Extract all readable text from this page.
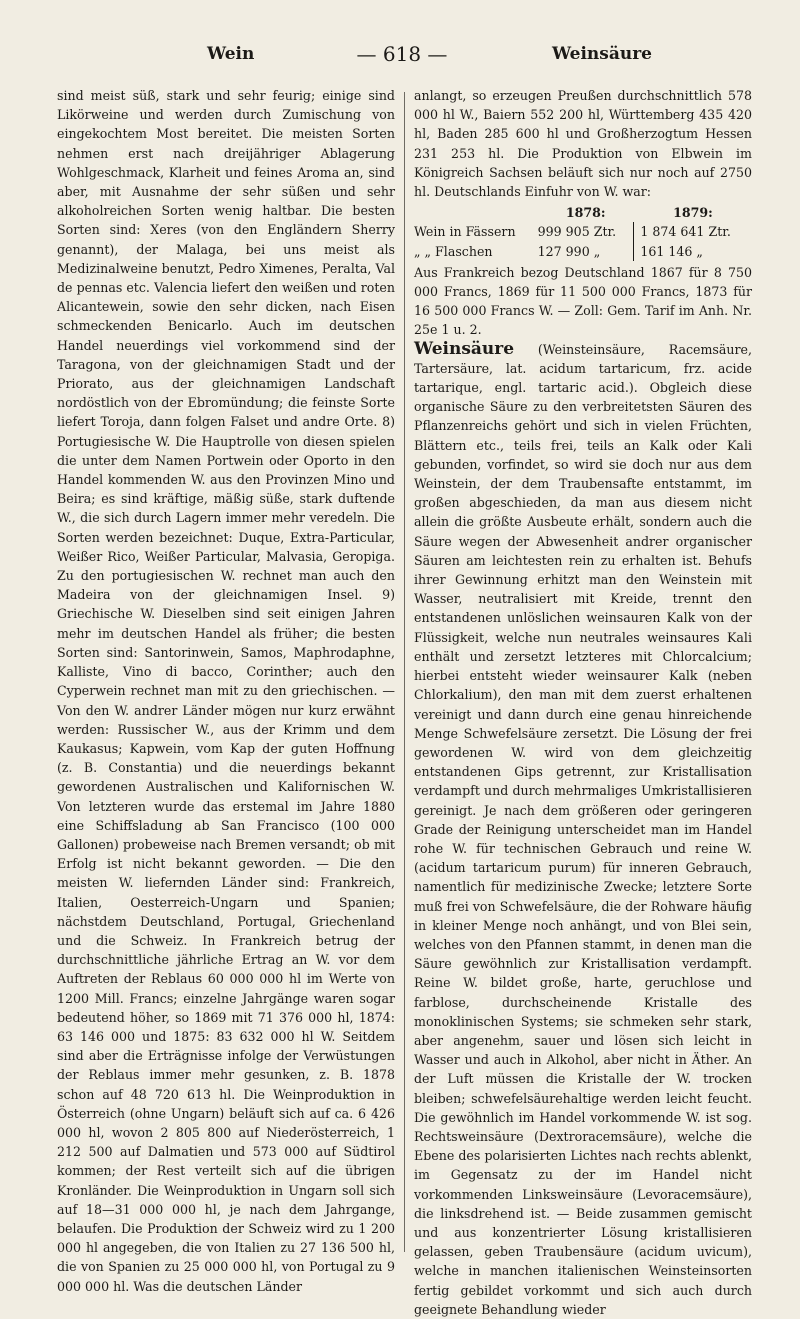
Wein	— 618 —	Weinsäure

sind meist süß, stark und sehr feurig; einige sind Likörweine und werden durch Zumischung von eingekochtem Most bereitet. Die meisten Sorten nehmen erst nach dreijähriger Ablagerung Wohlgeschmack, Klarheit und feines Aroma an, sind aber, mit Ausnahme der sehr süßen und sehr alkoholreichen Sorten wenig haltbar. Die besten Sorten sind: Xeres (von den Engländern Sherry genannt), der Malaga, bei uns meist als Medizinalweine benutzt, Pedro Ximenes, Peralta, Val de pennas etc. Valencia liefert den weißen und roten Alicantewein, sowie den sehr dicken, nach Eisen schmeckenden Benicarlo. Auch im deutschen Handel neuerdings viel vorkommend sind der Taragona, von der gleichnamigen Stadt und der Priorato, aus der gleichnamigen Landschaft nordöstlich von der Ebromündung; die feinste Sorte liefert Toroja, dann folgen Falset und andre Orte. 8) Portugiesische W. Die Hauptrolle von diesen spielen die unter dem Namen Portwein oder Oporto in den Handel kommenden W. aus den Provinzen Mino und Beira; es sind kräftige, mäßig süße, stark duftende W., die sich durch Lagern immer mehr veredeln. Die Sorten werden bezeichnet: Duque, Extra-Particular, Weißer Rico, Weißer Particular, Malvasia, Geropiga. Zu den portugiesischen W. rechnet man auch den Madeira von der gleichnamigen Insel. 9) Griechische W. Dieselben sind seit einigen Jahren mehr im deutschen Handel als früher; die besten Sorten sind: Santorinwein, Samos, Maphrodaphne, Kalliste, Vino di bacco, Corinther; auch den Cyperwein rechnet man mit zu den griechischen. — Von den W. andrer Länder mögen nur kurz erwähnt werden: Russischer W., aus der Krimm und dem Kaukasus; Kapwein, vom Kap der guten Hoffnung (z. B. Constantia) und die neuerdings bekannt gewordenen Australischen und Kalifornischen W. Von letzteren wurde das erstemal im Jahre 1880 eine Schiffsladung ab San Francisco (100 000 Gallonen) probeweise nach Bremen versandt; ob mit Erfolg ist nicht bekannt geworden. — Die den meisten W. liefernden Länder sind: Frankreich, Italien, Oesterreich-Ungarn und Spanien; nächstdem Deutschland, Portugal, Griechenland und die Schweiz. In Frankreich betrug der durchschnittliche jährliche Ertrag an W. vor dem Auftreten der Reblaus 60 000 000 hl im Werte von 1200 Mill. Francs; einzelne Jahrgänge waren sogar bedeutend höher, so 1869 mit 71 376 000 hl, 1874: 63 146 000 und 1875: 83 632 000 hl W. Seitdem sind aber die Erträgnisse infolge der Verwüstungen der Reblaus immer mehr gesunken, z. B. 1878 schon auf 48 720 613 hl. Die Weinproduktion in Österreich (ohne Ungarn) beläuft sich auf ca. 6 426 000 hl, wovon 2 805 800 auf Niederösterreich, 1 212 500 auf Dalmatien und 573 000 auf Südtirol kommen; der Rest verteilt sich auf die übrigen Kronländer. Die Weinproduktion in Ungarn soll sich auf 18—31 000 000 hl, je nach dem Jahrgange, belaufen. Die Produktion der Schweiz wird zu 1 200 000 hl angegeben, die von Italien zu 27 136 500 hl, die von Spanien zu 25 000 000 hl, von Portugal zu 9 000 000 hl. Was die deutschen Länder

anlangt, so erzeugen Preußen durchschnittlich 578 000 hl W., Baiern 552 200 hl, Württemberg 435 420 hl, Baden 285 600 hl und Großherzogtum Hessen 231 253 hl. Die Produktion von Elbwein im Königreich Sachsen beläuft sich nur noch auf 2750 hl. Deutschlands Einfuhr von W. war:

	1878:	1879:
Wein in Fässern	999 905 Ztr.	1 874 641 Ztr.
„ „ Flaschen	127 990 „	161 146 „

Aus Frankreich bezog Deutschland 1867 für 8 750 000 Francs, 1869 für 11 500 000 Francs, 1873 für 16 500 000 Francs W. — Zoll: Gem. Tarif im Anh. Nr. 25e 1 u. 2.

Weinsäure (Weinsteinsäure, Racemsäure, Tartersäure, lat. acidum tartaricum, frz. acide tartarique, engl. tartaric acid.). Obgleich diese organische Säure zu den verbreitetsten Säuren des Pflanzenreichs gehört und sich in vielen Früchten, Blättern etc., teils frei, teils an Kalk oder Kali gebunden, vorfindet, so wird sie doch nur aus dem Weinstein, der dem Traubensafte entstammt, im großen abgeschieden, da man aus diesem nicht allein die größte Ausbeute erhält, sondern auch die Säure wegen der Abwesenheit andrer organischer Säuren am leichtesten rein zu erhalten ist. Behufs ihrer Gewinnung erhitzt man den Weinstein mit Wasser, neutralisiert mit Kreide, trennt den entstandenen unlöslichen weinsauren Kalk von der Flüssigkeit, welche nun neutrales weinsaures Kali enthält und zersetzt letzteres mit Chlorcalcium; hierbei entsteht wieder weinsaurer Kalk (neben Chlorkalium), den man mit dem zuerst erhaltenen vereinigt und dann durch eine genau hinreichende Menge Schwefelsäure zersetzt. Die Lösung der frei gewordenen W. wird von dem gleichzeitig entstandenen Gips getrennt, zur Kristallisation verdampft und durch mehrmaliges Umkristallisieren gereinigt. Je nach dem größeren oder geringeren Grade der Reinigung unterscheidet man im Handel rohe W. für technischen Gebrauch und reine W. (acidum tartaricum purum) für inneren Gebrauch, namentlich für medizinische Zwecke; letztere Sorte muß frei von Schwefelsäure, die der Rohware häufig in kleiner Menge noch anhängt, und von Blei sein, welches von den Pfannen stammt, in denen man die Säure gewöhnlich zur Kristallisation verdampft. Reine W. bildet große, harte, geruchlose und farblose, durchscheinende Kristalle des monoklinischen Systems; sie schmeken sehr stark, aber angenehm, sauer und lösen sich leicht in Wasser und auch in Alkohol, aber nicht in Äther. An der Luft müssen die Kristalle der W. trocken bleiben; schwefelsäurehaltige werden leicht feucht. Die gewöhnlich im Handel vorkommende W. ist sog. Rechtsweinsäure (Dextroracemsäure), welche die Ebene des polarisierten Lichtes nach rechts ablenkt, im Gegensatz zu der im Handel nicht vorkommenden Linksweinsäure (Levoracemsäure), die linksdrehend ist. — Beide zusammen gemischt und aus konzentrierter Lösung kristallisieren gelassen, geben Traubensäure (acidum uvicum), welche in manchen italienischen Weinsteinsorten fertig gebildet vorkommt und sich auch durch geeignete Behandlung wieder
